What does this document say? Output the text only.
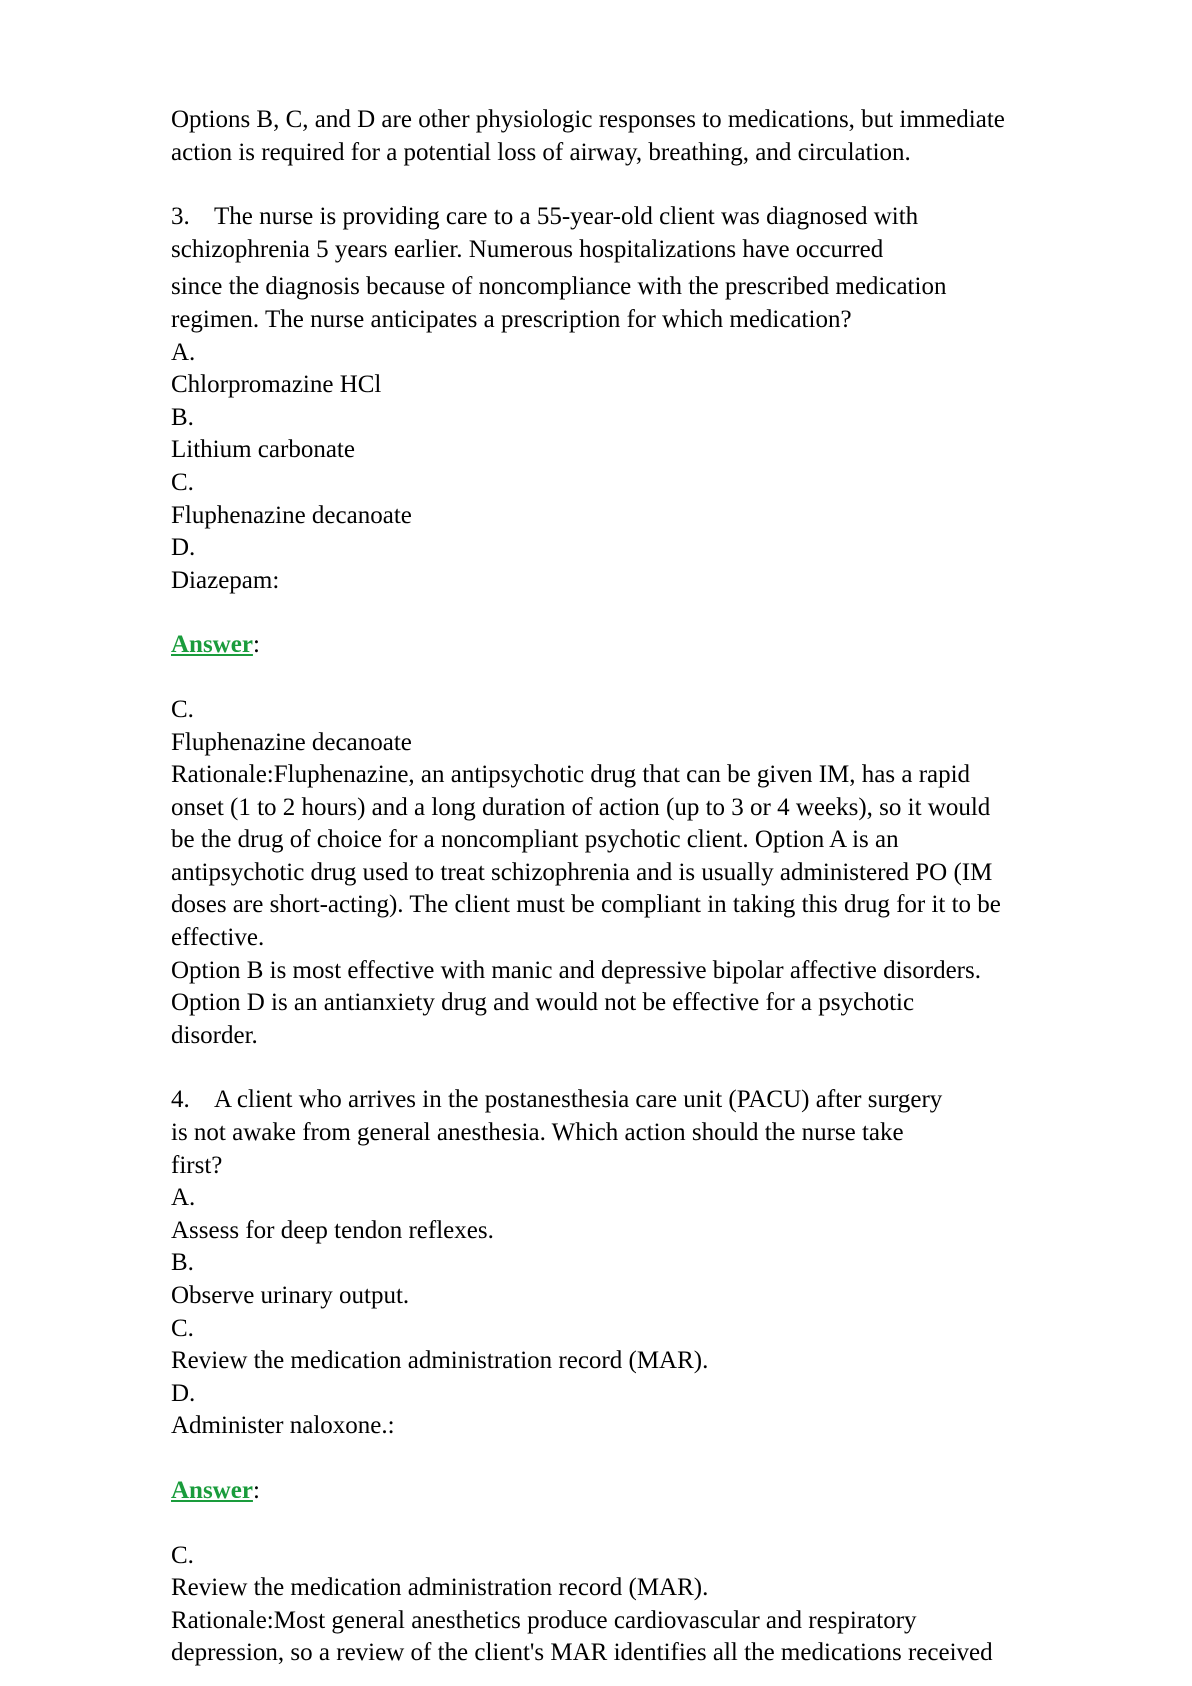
Options B, C, and D are other physiologic responses to medications, but immediate
action is required for a potential loss of airway, breathing, and circulation.
3. The nurse is providing care to a 55-year-old client was diagnosed with
schizophrenia 5 years earlier. Numerous hospitalizations have occurred
since the diagnosis because of noncompliance with the prescribed medication
regimen. The nurse anticipates a prescription for which medication?
A.
Chlorpromazine HCl
B.
Lithium carbonate
C.
Fluphenazine decanoate
D.
Diazepam:
Answer:
C.
Fluphenazine decanoate
Rationale:Fluphenazine, an antipsychotic drug that can be given IM, has a rapid
onset (1 to 2 hours) and a long duration of action (up to 3 or 4 weeks), so it would
be the drug of choice for a noncompliant psychotic client. Option A is an
antipsychotic drug used to treat schizophrenia and is usually administered PO (IM
doses are short-acting). The client must be compliant in taking this drug for it to be
effective.
Option B is most effective with manic and depressive bipolar affective disorders.
Option D is an antianxiety drug and would not be effective for a psychotic
disorder.
4. A client who arrives in the postanesthesia care unit (PACU) after surgery
is not awake from general anesthesia. Which action should the nurse take
first?
A.
Assess for deep tendon reflexes.
B.
Observe urinary output.
C.
Review the medication administration record (MAR).
D.
Administer naloxone.:
Answer:
C.
Review the medication administration record (MAR).
Rationale:Most general anesthetics produce cardiovascular and respiratory
depression, so a review of the client's MAR identifies all the medications received
